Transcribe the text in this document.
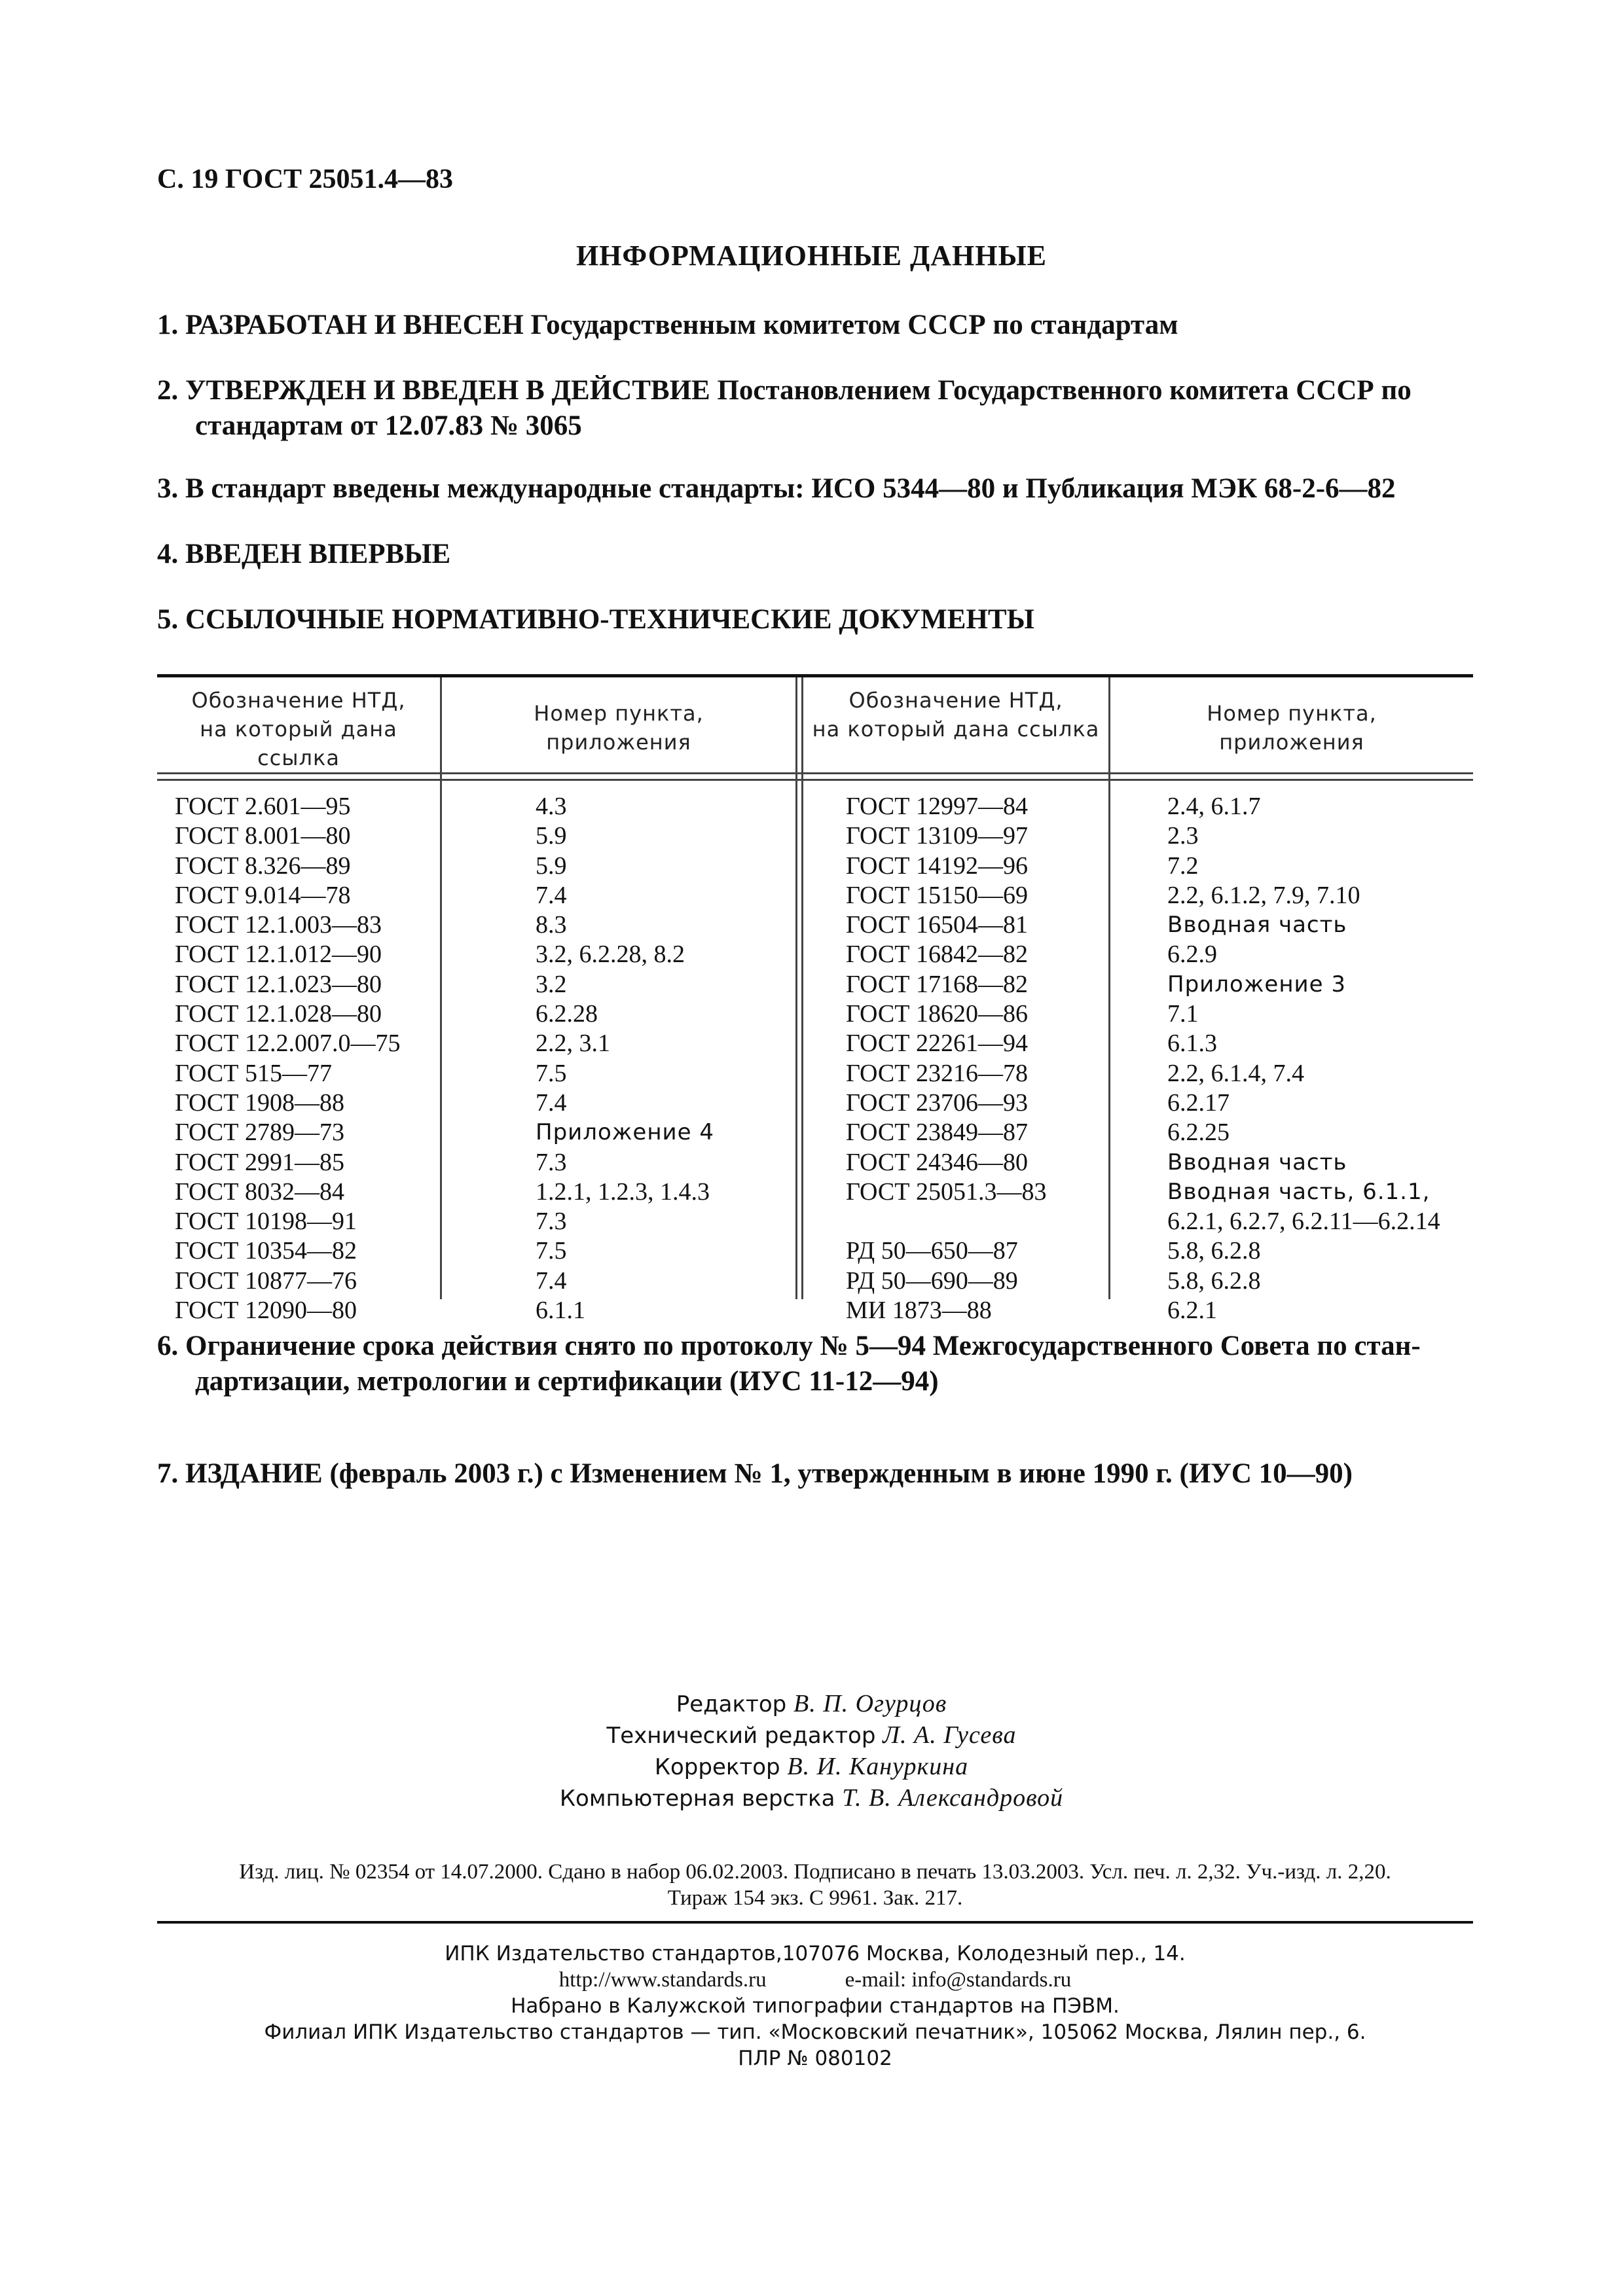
С. 19 ГОСТ 25051.4—83
ИНФОРМАЦИОННЫЕ ДАННЫЕ
1. РАЗРАБОТАН И ВНЕСЕН Государственным комитетом СССР по стандартам
2. УТВЕРЖДЕН И ВВЕДЕН В ДЕЙСТВИЕ Постановлением Государственного комитета СССР по
стандартам от 12.07.83 № 3065
3. В стандарт введены международные стандарты: ИСО 5344—80 и Публикация МЭК 68-2-6—82
4. ВВЕДЕН ВПЕРВЫЕ
5. ССЫЛОЧНЫЕ НОРМАТИВНО-ТЕХНИЧЕСКИЕ ДОКУМЕНТЫ
Обозначение НТД,
на который дана ссылка
Номер пункта,
приложения
Обозначение НТД,
на который дана ссылка
Номер пункта,
приложения
ГОСТ 2.601—95
ГОСТ 8.001—80
ГОСТ 8.326—89
ГОСТ 9.014—78
ГОСТ 12.1.003—83
ГОСТ 12.1.012—90
ГОСТ 12.1.023—80
ГОСТ 12.1.028—80
ГОСТ 12.2.007.0—75
ГОСТ 515—77
ГОСТ 1908—88
ГОСТ 2789—73
ГОСТ 2991—85
ГОСТ 8032—84
ГОСТ 10198—91
ГОСТ 10354—82
ГОСТ 10877—76
ГОСТ 12090—80
4.3
5.9
5.9
7.4
8.3
3.2, 6.2.28, 8.2
3.2
6.2.28
2.2, 3.1
7.5
7.4
Приложение 4
7.3
1.2.1, 1.2.3, 1.4.3
7.3
7.5
7.4
6.1.1
ГОСТ 12997—84
ГОСТ 13109—97
ГОСТ 14192—96
ГОСТ 15150—69
ГОСТ 16504—81
ГОСТ 16842—82
ГОСТ 17168—82
ГОСТ 18620—86
ГОСТ 22261—94
ГОСТ 23216—78
ГОСТ 23706—93
ГОСТ 23849—87
ГОСТ 24346—80
ГОСТ 25051.3—83
РД 50—650—87
РД 50—690—89
МИ 1873—88
2.4, 6.1.7
2.3
7.2
2.2, 6.1.2, 7.9, 7.10
Вводная часть
6.2.9
Приложение 3
7.1
6.1.3
2.2, 6.1.4, 7.4
6.2.17
6.2.25
Вводная часть
Вводная часть, 6.1.1,
6.2.1, 6.2.7, 6.2.11—6.2.14
5.8, 6.2.8
5.8, 6.2.8
6.2.1
6. Ограничение срока действия снято по протоколу № 5—94 Межгосударственного Совета по стан-
дартизации, метрологии и сертификации (ИУС 11-12—94)
7. ИЗДАНИЕ (февраль 2003 г.) с Изменением № 1, утвержденным в июне 1990 г. (ИУС 10—90)
Редактор В. П. Огурцов
Технический редактор Л. А. Гусева
Корректор В. И. Кануркина
Компьютерная верстка Т. В. Александровой
Изд. лиц. № 02354 от 14.07.2000. Сдано в набор 06.02.2003. Подписано в печать 13.03.2003. Усл. печ. л. 2,32. Уч.-изд. л. 2,20.
Тираж 154 экз. С 9961. Зак. 217.
ИПК Издательство стандартов,107076 Москва, Колодезный пер., 14.
http://www.standards.ru	e-mail: info@standards.ru
Набрано в Калужской типографии стандартов на ПЭВМ.
Филиал ИПК Издательство стандартов — тип. «Московский печатник», 105062 Москва, Лялин пер., 6.
ПЛР № 080102
